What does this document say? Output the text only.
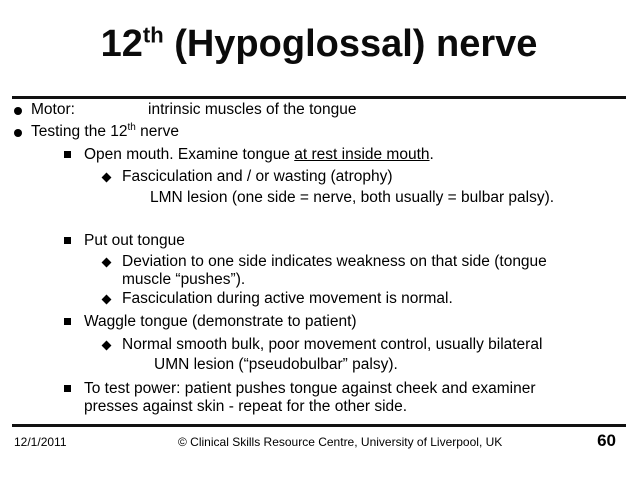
12th (Hypoglossal) nerve
Motor:	intrinsic muscles of the tongue
Testing the 12th nerve
Open mouth. Examine tongue at rest inside mouth.
Fasciculation and / or wasting (atrophy)
LMN lesion (one side = nerve, both usually = bulbar palsy).
Put out tongue
Deviation to one side indicates weakness on that side (tongue
muscle “pushes”).
Fasciculation during active movement is normal.
Waggle tongue (demonstrate to patient)
Normal smooth bulk, poor movement control, usually bilateral
UMN lesion (“pseudobulbar” palsy).
To test power: patient pushes tongue against cheek and examiner
presses against skin - repeat for the other side.
12/1/2011	© Clinical Skills Resource Centre, University of Liverpool, UK	60
